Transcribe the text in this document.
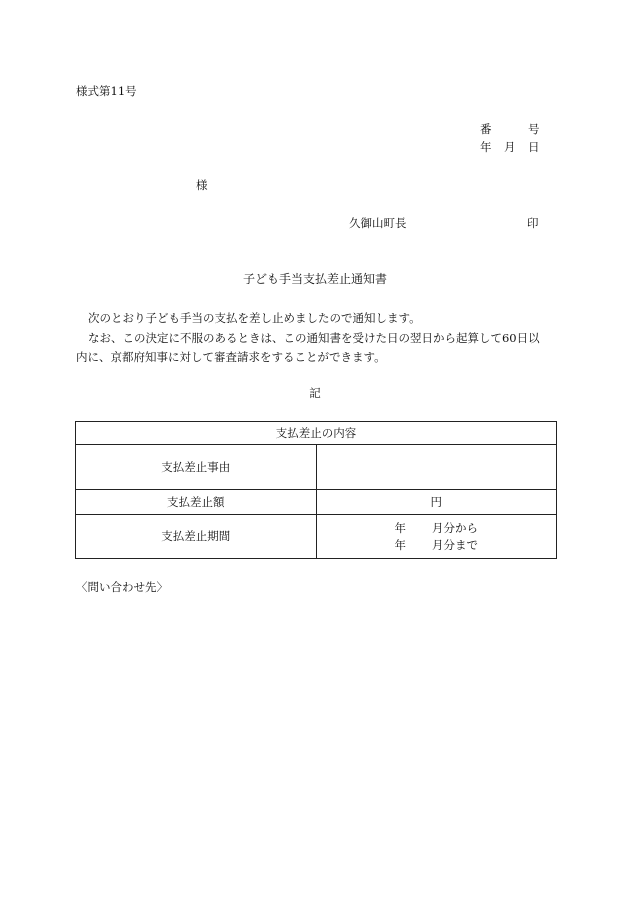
様式第11号
番	号
年 月 日
様
久御山町長	印
子ども手当支払差止通知書

次のとおり子ども手当の支払を差し止めましたので通知します。

なお、この決定に不服のあるときは、この通知書を受けた日の翌日から起算して60日以

内に、京都府知事に対して審査請求をすることができます。

記
支払差止の内容	
支払差止事由	
支払差止額	円
支払差止期間	年 月分から
年 月分まで
〈問い合わせ先〉
